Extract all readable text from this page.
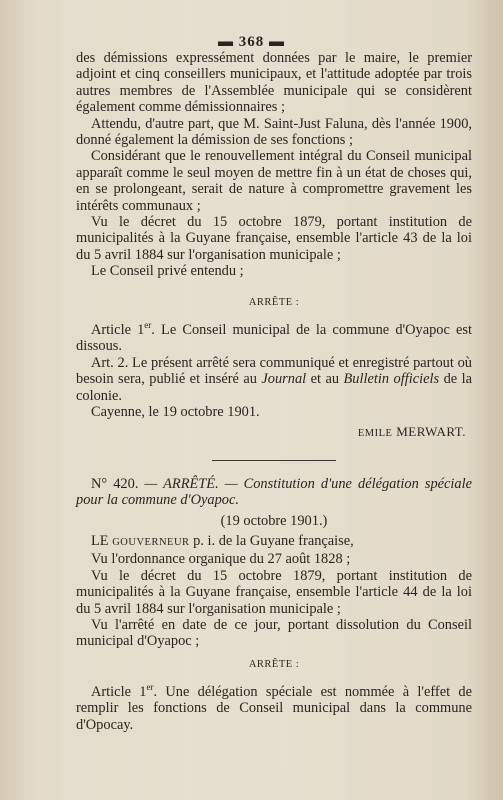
▬ 368 ▬

des démissions expressément données par le maire, le premier adjoint et cinq conseillers municipaux, et l'attitude adoptée par trois autres membres de l'Assemblée municipale qui se considèrent également comme démissionnaires ;

Attendu, d'autre part, que M. Saint-Just Faluna, dès l'année 1900, donné également la démission de ses fonctions ;

Considérant que le renouvellement intégral du Conseil municipal apparaît comme le seul moyen de mettre fin à un état de choses qui, en se prolongeant, serait de nature à compromettre gravement les intérêts communaux ;

Vu le décret du 15 octobre 1879, portant institution de municipalités à la Guyane française, ensemble l'article 43 de la loi du 5 avril 1884 sur l'organisation municipale ;

Le Conseil privé entendu ;

ARRÊTE :

Article 1er. Le Conseil municipal de la commune d'Oyapoc est dissous.

Art. 2. Le présent arrêté sera communiqué et enregistré partout où besoin sera, publié et inséré au Journal et au Bulletin officiels de la colonie.

Cayenne, le 19 octobre 1901.

EMILE MERWART.

N° 420. — ARRÊTÉ. — Constitution d'une délégation spéciale pour la commune d'Oyapoc.

(19 octobre 1901.)

LE GOUVERNEUR p. i. de la Guyane française,

Vu l'ordonnance organique du 27 août 1828 ;

Vu le décret du 15 octobre 1879, portant institution de municipalités à la Guyane française, ensemble l'article 44 de la loi du 5 avril 1884 sur l'organisation municipale ;

Vu l'arrêté en date de ce jour, portant dissolution du Conseil municipal d'Oyapoc ;

ARRÊTE :

Article 1er. Une délégation spéciale est nommée à l'effet de remplir les fonctions de Conseil municipal dans la commune d'Opocay.
